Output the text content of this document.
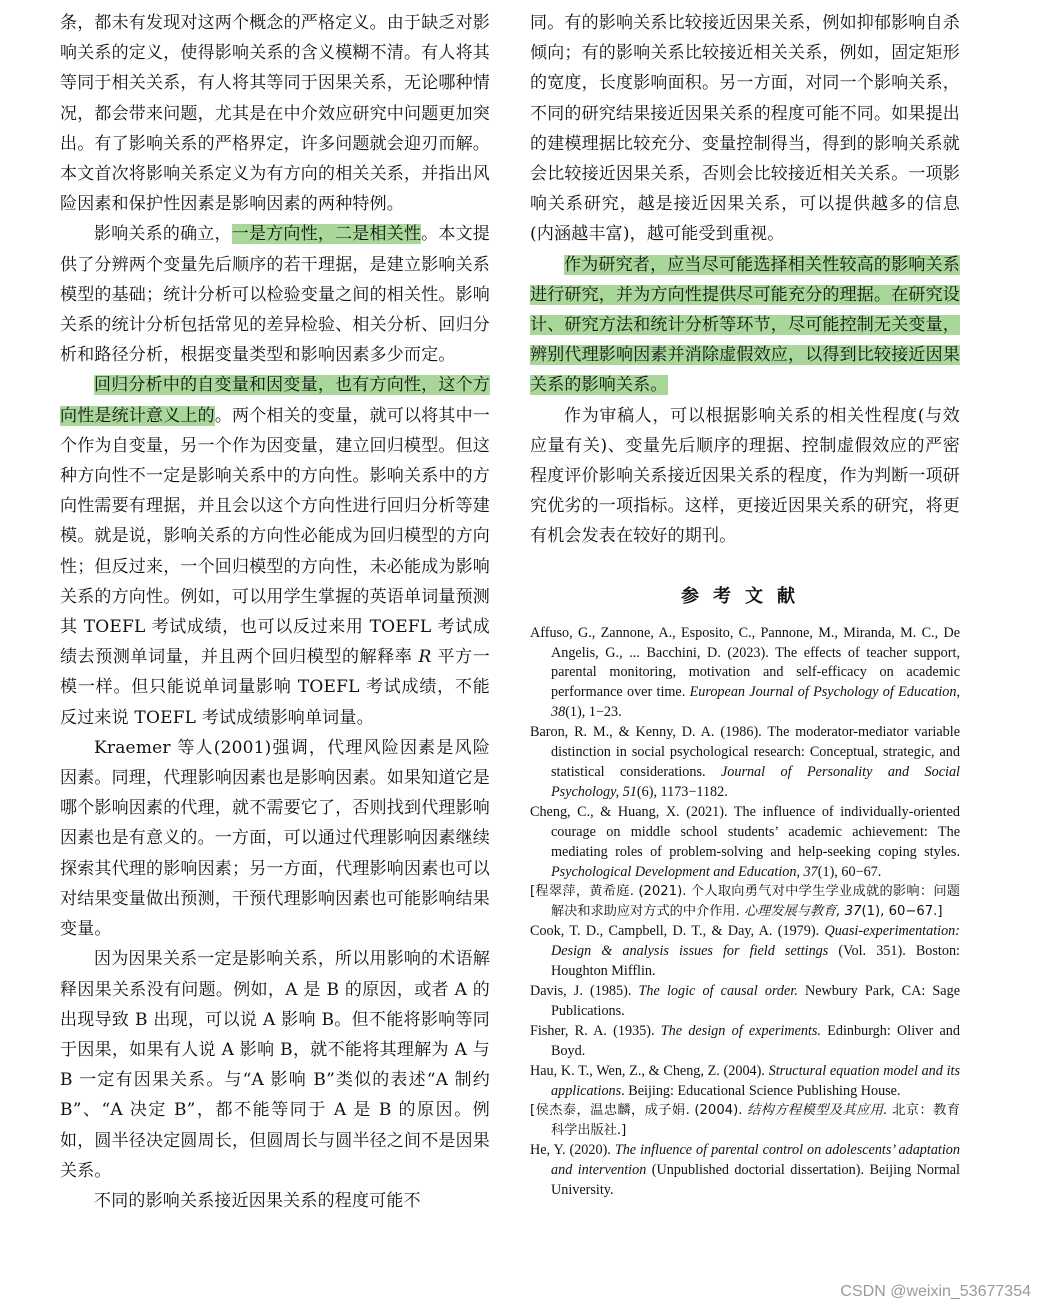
条，都未有发现对这两个概念的严格定义。由于缺乏对影响关系的定义，使得影响关系的含义模糊不清。有人将其等同于相关关系，有人将其等同于因果关系，无论哪种情况，都会带来问题，尤其是在中介效应研究中问题更加突出。有了影响关系的严格界定，许多问题就会迎刃而解。本文首次将影响关系定义为有方向的相关关系，并指出风险因素和保护性因素是影响因素的两种特例。

影响关系的确立，一是方向性，二是相关性。本文提供了分辨两个变量先后顺序的若干理据，是建立影响关系模型的基础；统计分析可以检验变量之间的相关性。影响关系的统计分析包括常见的差异检验、相关分析、回归分析和路径分析，根据变量类型和影响因素多少而定。

回归分析中的自变量和因变量，也有方向性，这个方向性是统计意义上的。两个相关的变量，就可以将其中一个作为自变量，另一个作为因变量，建立回归模型。但这种方向性不一定是影响关系中的方向性。影响关系中的方向性需要有理据，并且会以这个方向性进行回归分析等建模。就是说，影响关系的方向性必能成为回归模型的方向性；但反过来，一个回归模型的方向性，未必能成为影响关系的方向性。例如，可以用学生掌握的英语单词量预测其 TOEFL 考试成绩，也可以反过来用 TOEFL 考试成绩去预测单词量，并且两个回归模型的解释率 R 平方一模一样。但只能说单词量影响 TOEFL 考试成绩，不能反过来说 TOEFL 考试成绩影响单词量。

Kraemer 等人(2001)强调，代理风险因素是风险因素。同理，代理影响因素也是影响因素。如果知道它是哪个影响因素的代理，就不需要它了，否则找到代理影响因素也是有意义的。一方面，可以通过代理影响因素继续探索其代理的影响因素；另一方面，代理影响因素也可以对结果变量做出预测，干预代理影响因素也可能影响结果变量。

因为因果关系一定是影响关系，所以用影响的术语解释因果关系没有问题。例如，A 是 B 的原因，或者 A 的出现导致 B 出现，可以说 A 影响 B。但不能将影响等同于因果，如果有人说 A 影响 B，就不能将其理解为 A 与 B 一定有因果关系。与“A 影响 B”类似的表述“A 制约 B”、“A 决定 B”，都不能等同于 A 是 B 的原因。例如，圆半径决定圆周长，但圆周长与圆半径之间不是因果关系。

不同的影响关系接近因果关系的程度可能不

同。有的影响关系比较接近因果关系，例如抑郁影响自杀倾向；有的影响关系比较接近相关关系，例如，固定矩形的宽度，长度影响面积。另一方面，对同一个影响关系，不同的研究结果接近因果关系的程度可能不同。如果提出的建模理据比较充分、变量控制得当，得到的影响关系就会比较接近因果关系，否则会比较接近相关关系。一项影响关系研究，越是接近因果关系，可以提供越多的信息(内涵越丰富)，越可能受到重视。

作为研究者，应当尽可能选择相关性较高的影响关系进行研究，并为方向性提供尽可能充分的理据。在研究设计、研究方法和统计分析等环节，尽可能控制无关变量，辨别代理影响因素并消除虚假效应，以得到比较接近因果关系的影响关系。

作为审稿人，可以根据影响关系的相关性程度(与效应量有关)、变量先后顺序的理据、控制虚假效应的严密程度评价影响关系接近因果关系的程度，作为判断一项研究优劣的一项指标。这样，更接近因果关系的研究，将更有机会发表在较好的期刊。

参考文献

Affuso, G., Zannone, A., Esposito, C., Pannone, M., Miranda, M. C., De Angelis, G., ... Bacchini, D. (2023). The effects of teacher support, parental monitoring, motivation and self-efficacy on academic performance over time. European Journal of Psychology of Education, 38(1), 1−23.

Baron, R. M., & Kenny, D. A. (1986). The moderator-mediator variable distinction in social psychological research: Conceptual, strategic, and statistical considerations. Journal of Personality and Social Psychology, 51(6), 1173−1182.

Cheng, C., & Huang, X. (2021). The influence of individually-oriented courage on middle school students’ academic achievement: The mediating roles of problem-solving and help-seeking coping styles. Psychological Development and Education, 37(1), 60−67.

[程翠萍，黄希庭. (2021). 个人取向勇气对中学生学业成就的影响：问题解决和求助应对方式的中介作用. 心理发展与教育, 37(1), 60−67.]

Cook, T. D., Campbell, D. T., & Day, A. (1979). Quasi-experimentation: Design & analysis issues for field settings (Vol. 351). Boston: Houghton Mifflin.

Davis, J. (1985). The logic of causal order. Newbury Park, CA: Sage Publications.

Fisher, R. A. (1935). The design of experiments. Edinburgh: Oliver and Boyd.

Hau, K. T., Wen, Z., & Cheng, Z. (2004). Structural equation model and its applications. Beijing: Educational Science Publishing House.

[侯杰泰，温忠麟，成子娟. (2004). 结构方程模型及其应用. 北京：教育科学出版社.]

He, Y. (2020). The influence of parental control on adolescents’ adaptation and intervention (Unpublished doctorial dissertation). Beijing Normal University.

CSDN @weixin_53677354
